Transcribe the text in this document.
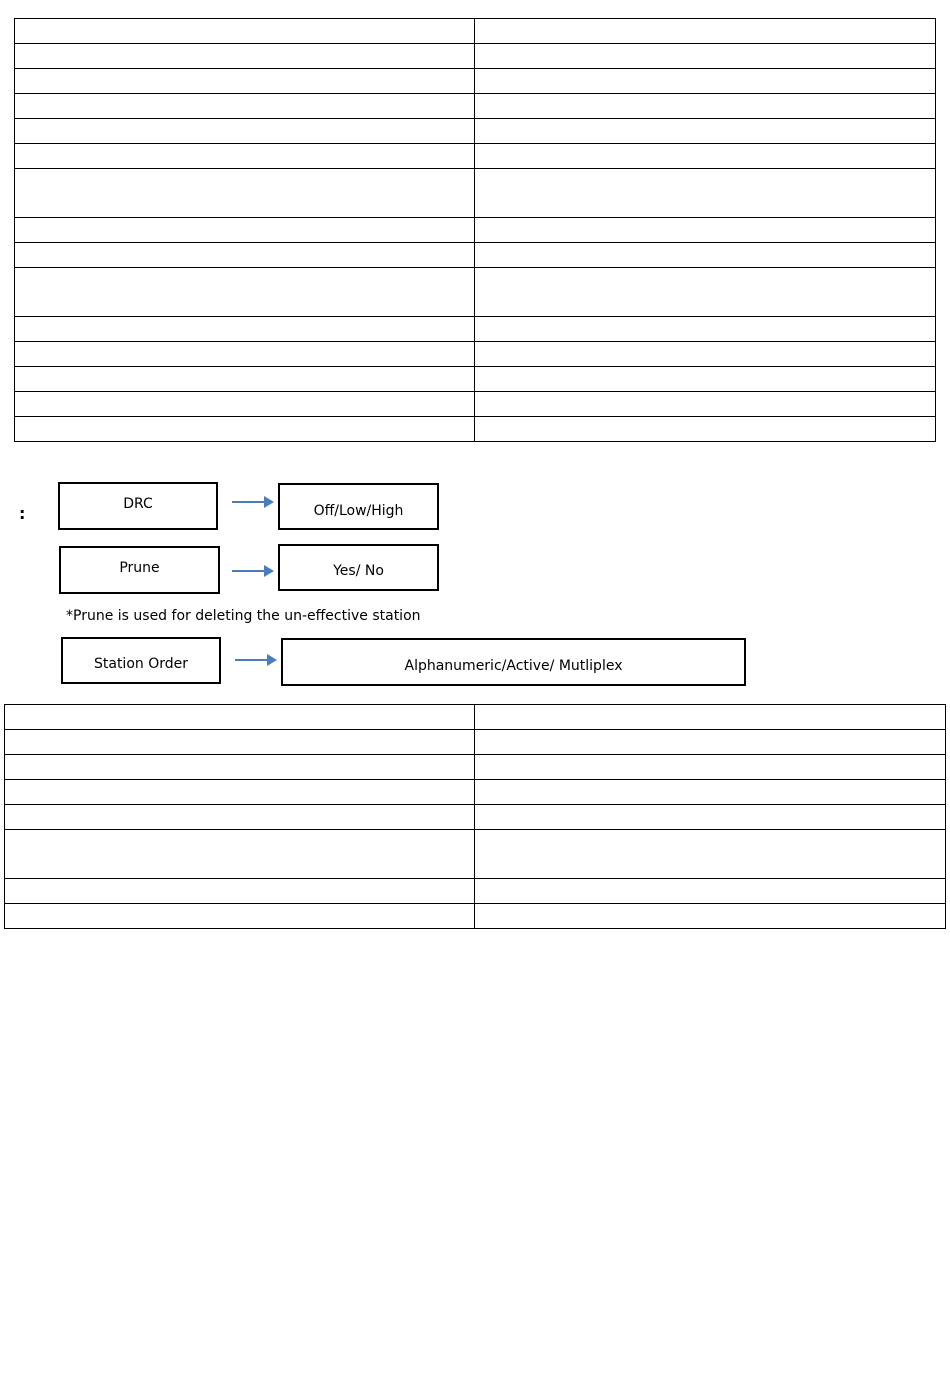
:	DRC	Off/Low/High
Prune	Yes/ No
*Prune is used for deleting the un-effective station
Station Order	Alphanumeric/Active/ Mutliplex
